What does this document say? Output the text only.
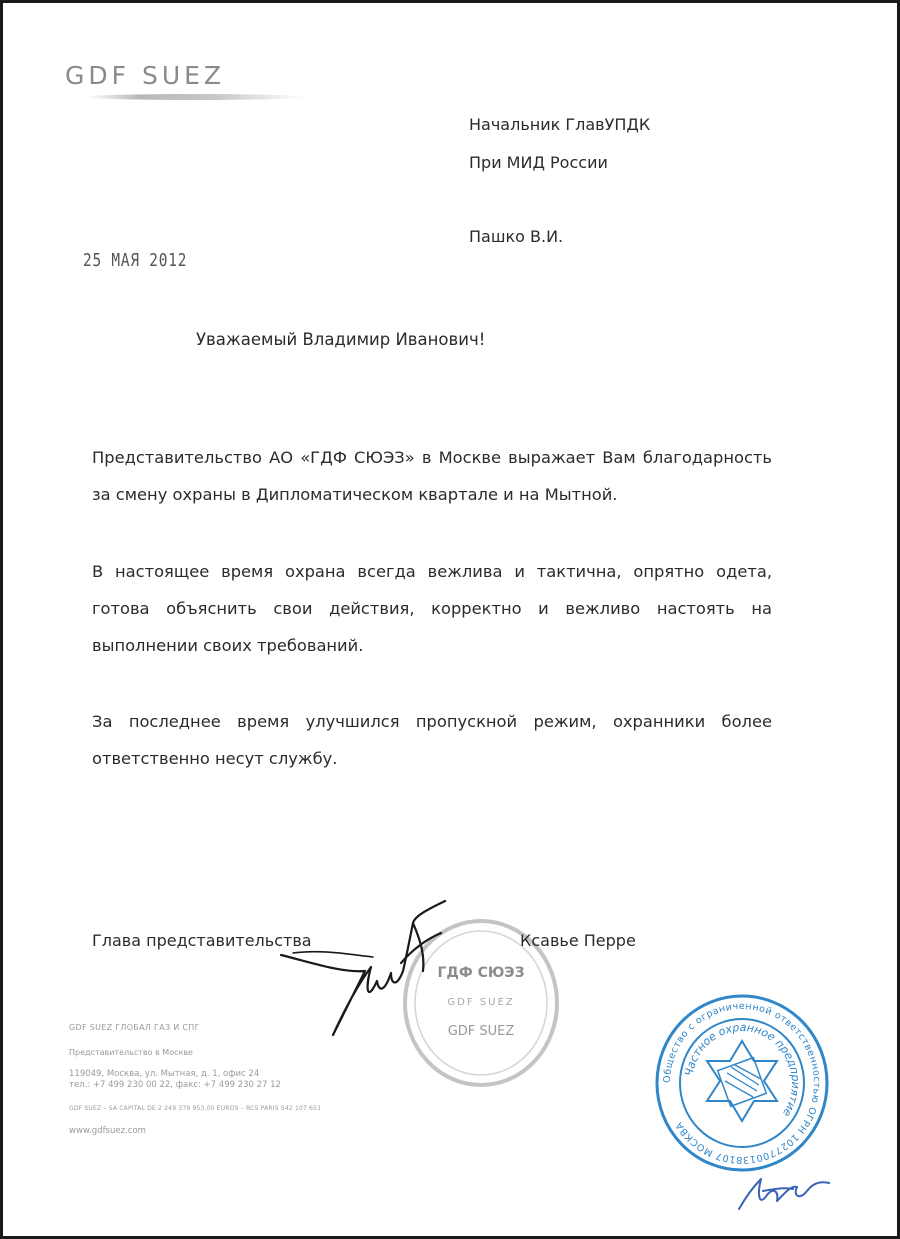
GDF SUEZ
Начальник ГлавУПДК
При МИД России
Пашко В.И.
25 МАЯ 2012
Уважаемый Владимир Иванович!
Представительство АО «ГДФ СЮЭЗ» в Москве выражает Вам благодарность за смену охраны в Дипломатическом квартале и на Мытной.
В настоящее время охрана всегда вежлива и тактична, опрятно одета, готова объяснить свои действия, корректно и вежливо настоять на выполнении своих требований.
За последнее время улучшился пропускной режим, охранники более ответственно несут службу.
ГДФ СЮЭЗ
GDF SUEZ
GDF SUEZ
Глава представительства	Ксавье Перре
Общество с ограниченной ответственностью ОГРН 1027700138107 МОСКВА
Частное охранное предприятие
GDF SUEZ ГЛОБАЛ ГАЗ И СПГ
Представительство в Москве
119049, Москва, ул. Мытная, д. 1, офис 24
тел.: +7 499 230 00 22, факс: +7 499 230 27 12
GDF SUEZ – SA CAPITAL DE 2 249 379 953,00 EUROS – RCS PARIS 542 107 651
www.gdfsuez.com
